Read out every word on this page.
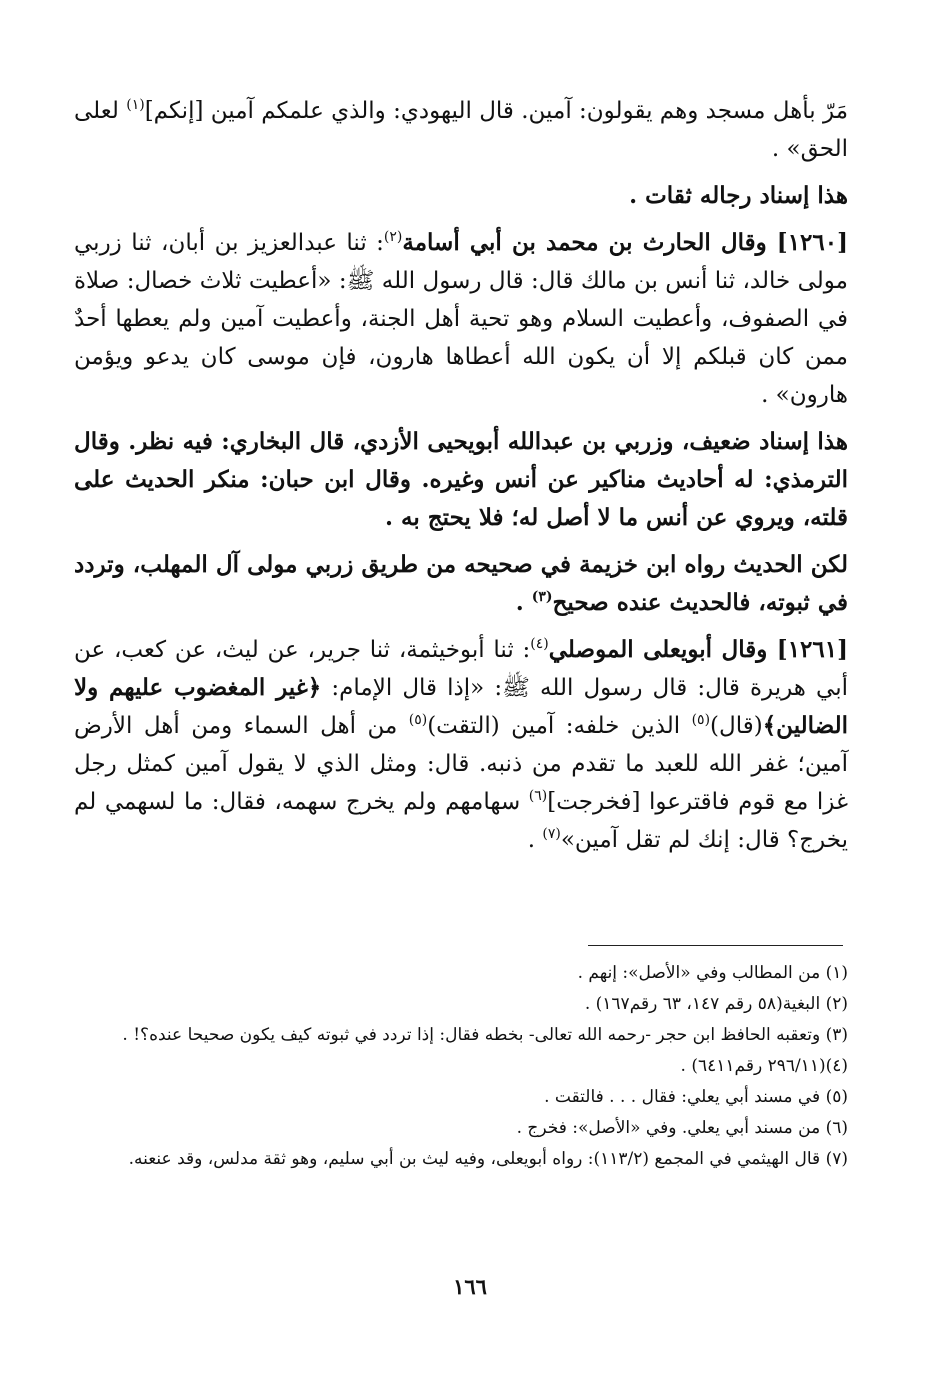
مَرّ بأهل مسجد وهم يقولون: آمين. قال اليهودي: والذي علمكم آمين [إنكم]$^{(١)}$ لعلى الحق» .

هذا إسناد رجاله ثقات .

[١٢٦٠] وقال الحارث بن محمد بن أبي أسامة$^{(٢)}$: ثنا عبدالعزيز بن أبان، ثنا زربي مولى خالد، ثنا أنس بن مالك قال: قال رسول الله ﷺ: «أعطيت ثلاث خصال: صلاة في الصفوف، وأعطيت السلام وهو تحية أهل الجنة، وأعطيت آمين ولم يعطها أحدٌ ممن كان قبلكم إلا أن يكون الله أعطاها هارون، فإن موسى كان يدعو ويؤمن هارون» .

هذا إسناد ضعيف، وزربي بن عبدالله أبويحيى الأزدي، قال البخاري: فيه نظر. وقال الترمذي: له أحاديث مناكير عن أنس وغيره. وقال ابن حبان: منكر الحديث على قلته، ويروي عن أنس ما لا أصل له؛ فلا يحتج به .

لكن الحديث رواه ابن خزيمة في صحيحه من طريق زربي مولى آل المهلب، وتردد في ثبوته، فالحديث عنده صحيح$^{(٣)}$ .

[١٢٦١] وقال أبويعلى الموصلي$^{(٤)}$: ثنا أبوخيثمة، ثنا جرير، عن ليث، عن كعب، عن أبي هريرة قال: قال رسول الله ﷺ: «إذا قال الإمام: ﴿غير المغضوب عليهم ولا الضالين﴾(قال)$^{(٥)}$ الذين خلفه: آمين (التقت)$^{(٥)}$ من أهل السماء ومن أهل الأرض آمين؛ غفر الله للعبد ما تقدم من ذنبه. قال: ومثل الذي لا يقول آمين كمثل رجل غزا مع قوم فاقترعوا [فخرجت]$^{(٦)}$ سهامهم ولم يخرج سهمه، فقال: ما لسهمي لم يخرج؟ قال: إنك لم تقل آمين»$^{(٧)}$ .

(١) من المطالب وفي «الأصل»: إنهم .

(٢) البغية(٥٨ رقم ١٤٧، ٦٣ رقم١٦٧) .

(٣) وتعقبه الحافظ ابن حجر -رحمه الله تعالى- بخطه فقال: إذا تردد في ثبوته كيف يكون صحيحا عنده؟! .

(٤)(٢٩٦/١١ رقم٦٤١١) .

(٥) في مسند أبي يعلي: فقال . . . فالتقت .

(٦) من مسند أبي يعلي. وفي «الأصل»: فخرج .

(٧) قال الهيثمي في المجمع (١١٣/٢): رواه أبويعلى، وفيه ليث بن أبي سليم، وهو ثقة مدلس، وقد عنعنه.

١٦٦
